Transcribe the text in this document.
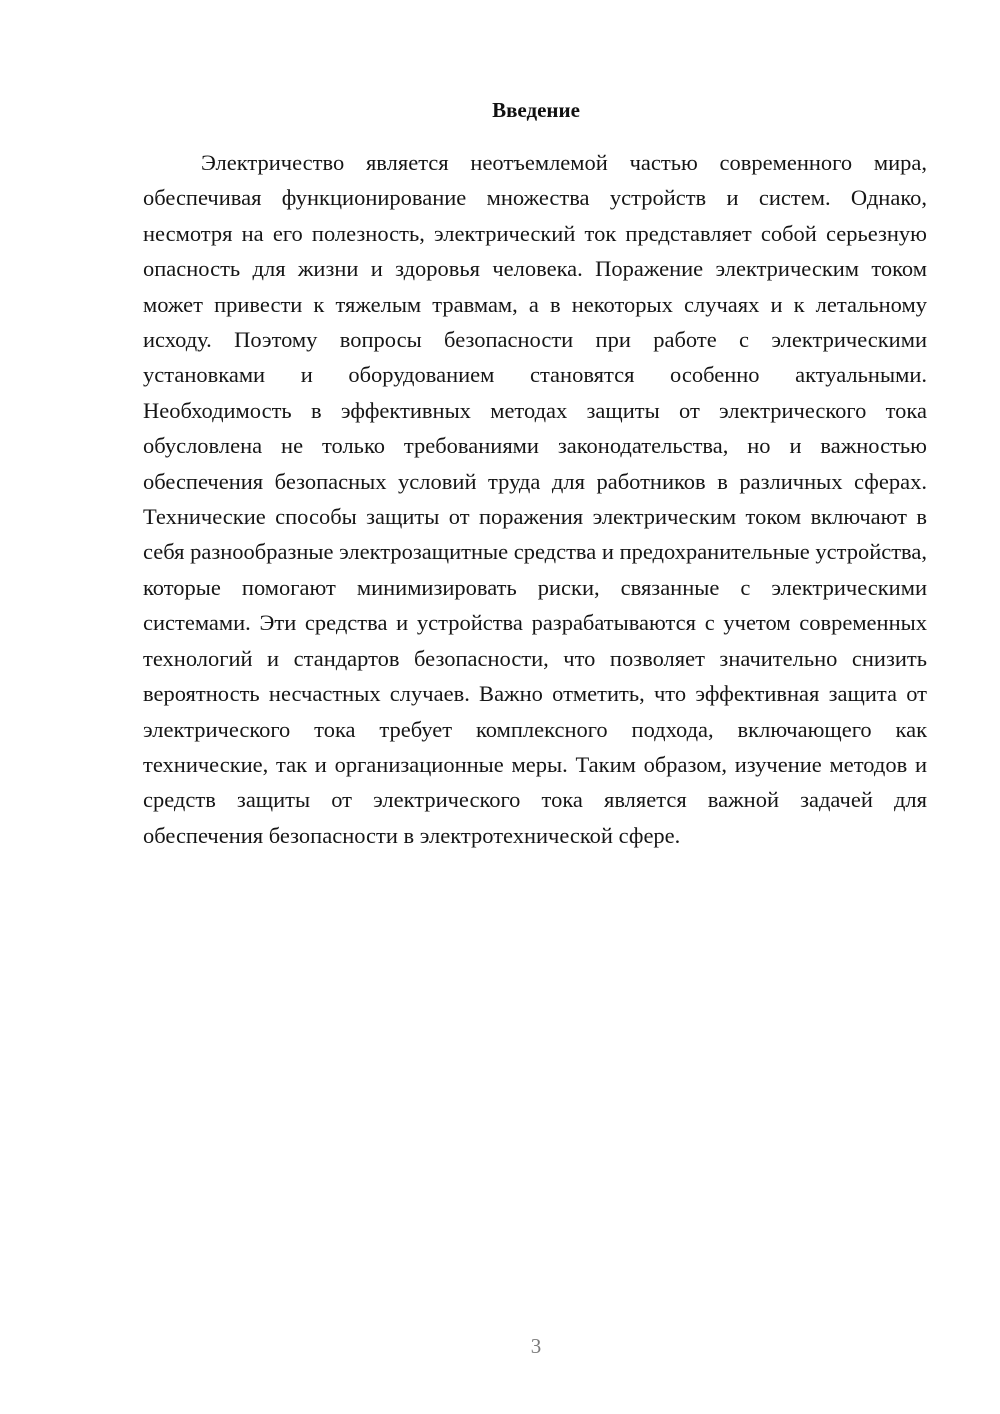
Введение

Электричество является неотъемлемой частью современного мира, обеспечивая функционирование множества устройств и систем. Однако, несмотря на его полезность, электрический ток представляет собой серьезную опасность для жизни и здоровья человека. Поражение электрическим током может привести к тяжелым травмам, а в некоторых случаях и к летальному исходу. Поэтому вопросы безопасности при работе с электрическими установками и оборудованием становятся особенно актуальными. Необходимость в эффективных методах защиты от электрического тока обусловлена не только требованиями законодательства, но и важностью обеспечения безопасных условий труда для работников в различных сферах. Технические способы защиты от поражения электрическим током включают в себя разнообразные электрозащитные средства и предохранительные устройства, которые помогают минимизировать риски, связанные с электрическими системами. Эти средства и устройства разрабатываются с учетом современных технологий и стандартов безопасности, что позволяет значительно снизить вероятность несчастных случаев. Важно отметить, что эффективная защита от электрического тока требует комплексного подхода, включающего как технические, так и организационные меры. Таким образом, изучение методов и средств защиты от электрического тока является важной задачей для обеспечения безопасности в электротехнической сфере.

3
